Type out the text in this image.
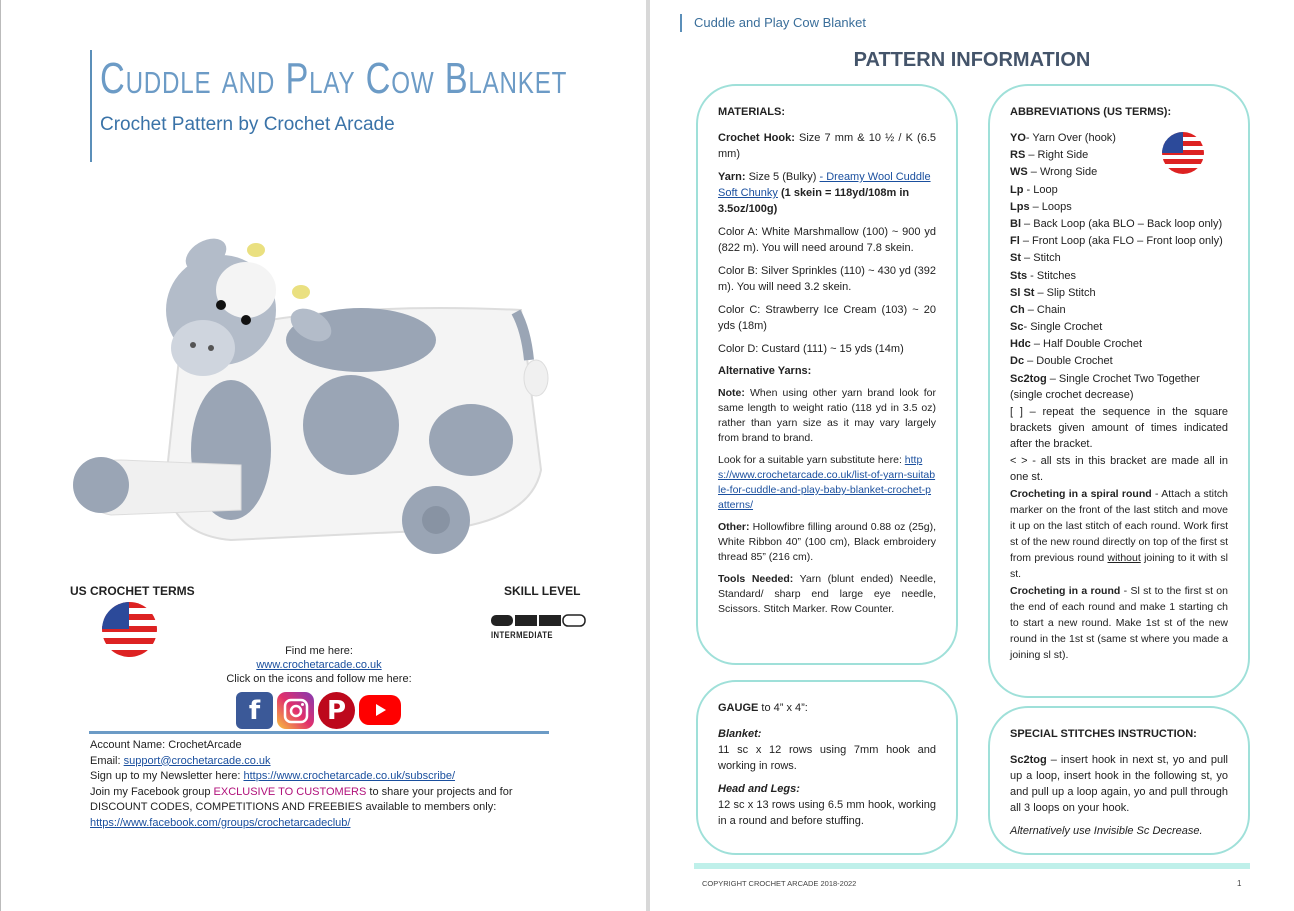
Cuddle and Play Cow Blanket
Crochet Pattern by Crochet Arcade
US CROCHET TERMS	SKILL LEVEL
INTERMEDIATE
Find me here:
www.crochetarcade.co.uk
Click on the icons and follow me here:
f	P
Account Name: CrochetArcade
Email: support@crochetarcade.co.uk
Sign up to my Newsletter here: https://www.crochetarcade.co.uk/subscribe/
Join my Facebook group EXCLUSIVE TO CUSTOMERS to share your projects and for DISCOUNT CODES, COMPETITIONS AND FREEBIES available to members only:
https://www.facebook.com/groups/crochetarcadeclub/
Cuddle and Play Cow Blanket
PATTERN INFORMATION
MATERIALS:

Crochet Hook: Size 7 mm & 10 ½ / K (6.5 mm)

Yarn: Size 5 (Bulky) - Dreamy Wool Cuddle Soft Chunky (1 skein = 118yd/108m in 3.5oz/100g)

Color A: White Marshmallow (100) ~ 900 yd (822 m). You will need around 7.8 skein.

Color B: Silver Sprinkles (110) ~ 430 yd (392 m). You will need 3.2 skein.

Color C: Strawberry Ice Cream (103) ~ 20 yds (18m)

Color D: Custard (111) ~ 15 yds (14m)

Alternative Yarns:

Note: When using other yarn brand look for same length to weight ratio (118 yd in 3.5 oz) rather than yarn size as it may vary largely from brand to brand.

Look for a suitable yarn substitute here: https://www.crochetarcade.co.uk/list-of-yarn-suitable-for-cuddle-and-play-baby-blanket-crochet-patterns/

Other: Hollowfibre filling around 0.88 oz (25g), White Ribbon 40” (100 cm), Black embroidery thread 85” (216 cm).

Tools Needed: Yarn (blunt ended) Needle, Standard/ sharp end large eye needle, Scissors. Stitch Marker. Row Counter.

GAUGE to 4” x 4”:

Blanket:

11 sc x 12 rows using 7mm hook and working in rows.

Head and Legs:

12 sc x 13 rows using 6.5 mm hook, working in a round and before stuffing.

ABBREVIATIONS (US TERMS):

YO- Yarn Over (hook)

RS – Right Side

WS – Wrong Side

Lp - Loop

Lps – Loops

Bl – Back Loop (aka BLO – Back loop only)

Fl – Front Loop (aka FLO – Front loop only)

St – Stitch

Sts - Stitches

Sl St – Slip Stitch

Ch – Chain

Sc- Single Crochet

Hdc – Half Double Crochet

Dc – Double Crochet

Sc2tog – Single Crochet Two Together (single crochet decrease)

[ ] – repeat the sequence in the square brackets given amount of times indicated after the bracket.

< > - all sts in this bracket are made all in one st.

Crocheting in a spiral round - Attach a stitch marker on the front of the last stitch and move it up on the last stitch of each round. Work first st of the new round directly on top of the first st from previous round without joining to it with sl st.

Crocheting in a round - Sl st to the first st on the end of each round and make 1 starting ch to start a new round. Make 1st st of the new round in the 1st st (same st where you made a joining sl st).

SPECIAL STITCHES INSTRUCTION:

Sc2tog – insert hook in next st, yo and pull up a loop, insert hook in the following st, yo and pull up a loop again, yo and pull through all 3 loops on your hook.

Alternatively use Invisible Sc Decrease.

COPYRIGHT CROCHET ARCADE 2018-2022	1
